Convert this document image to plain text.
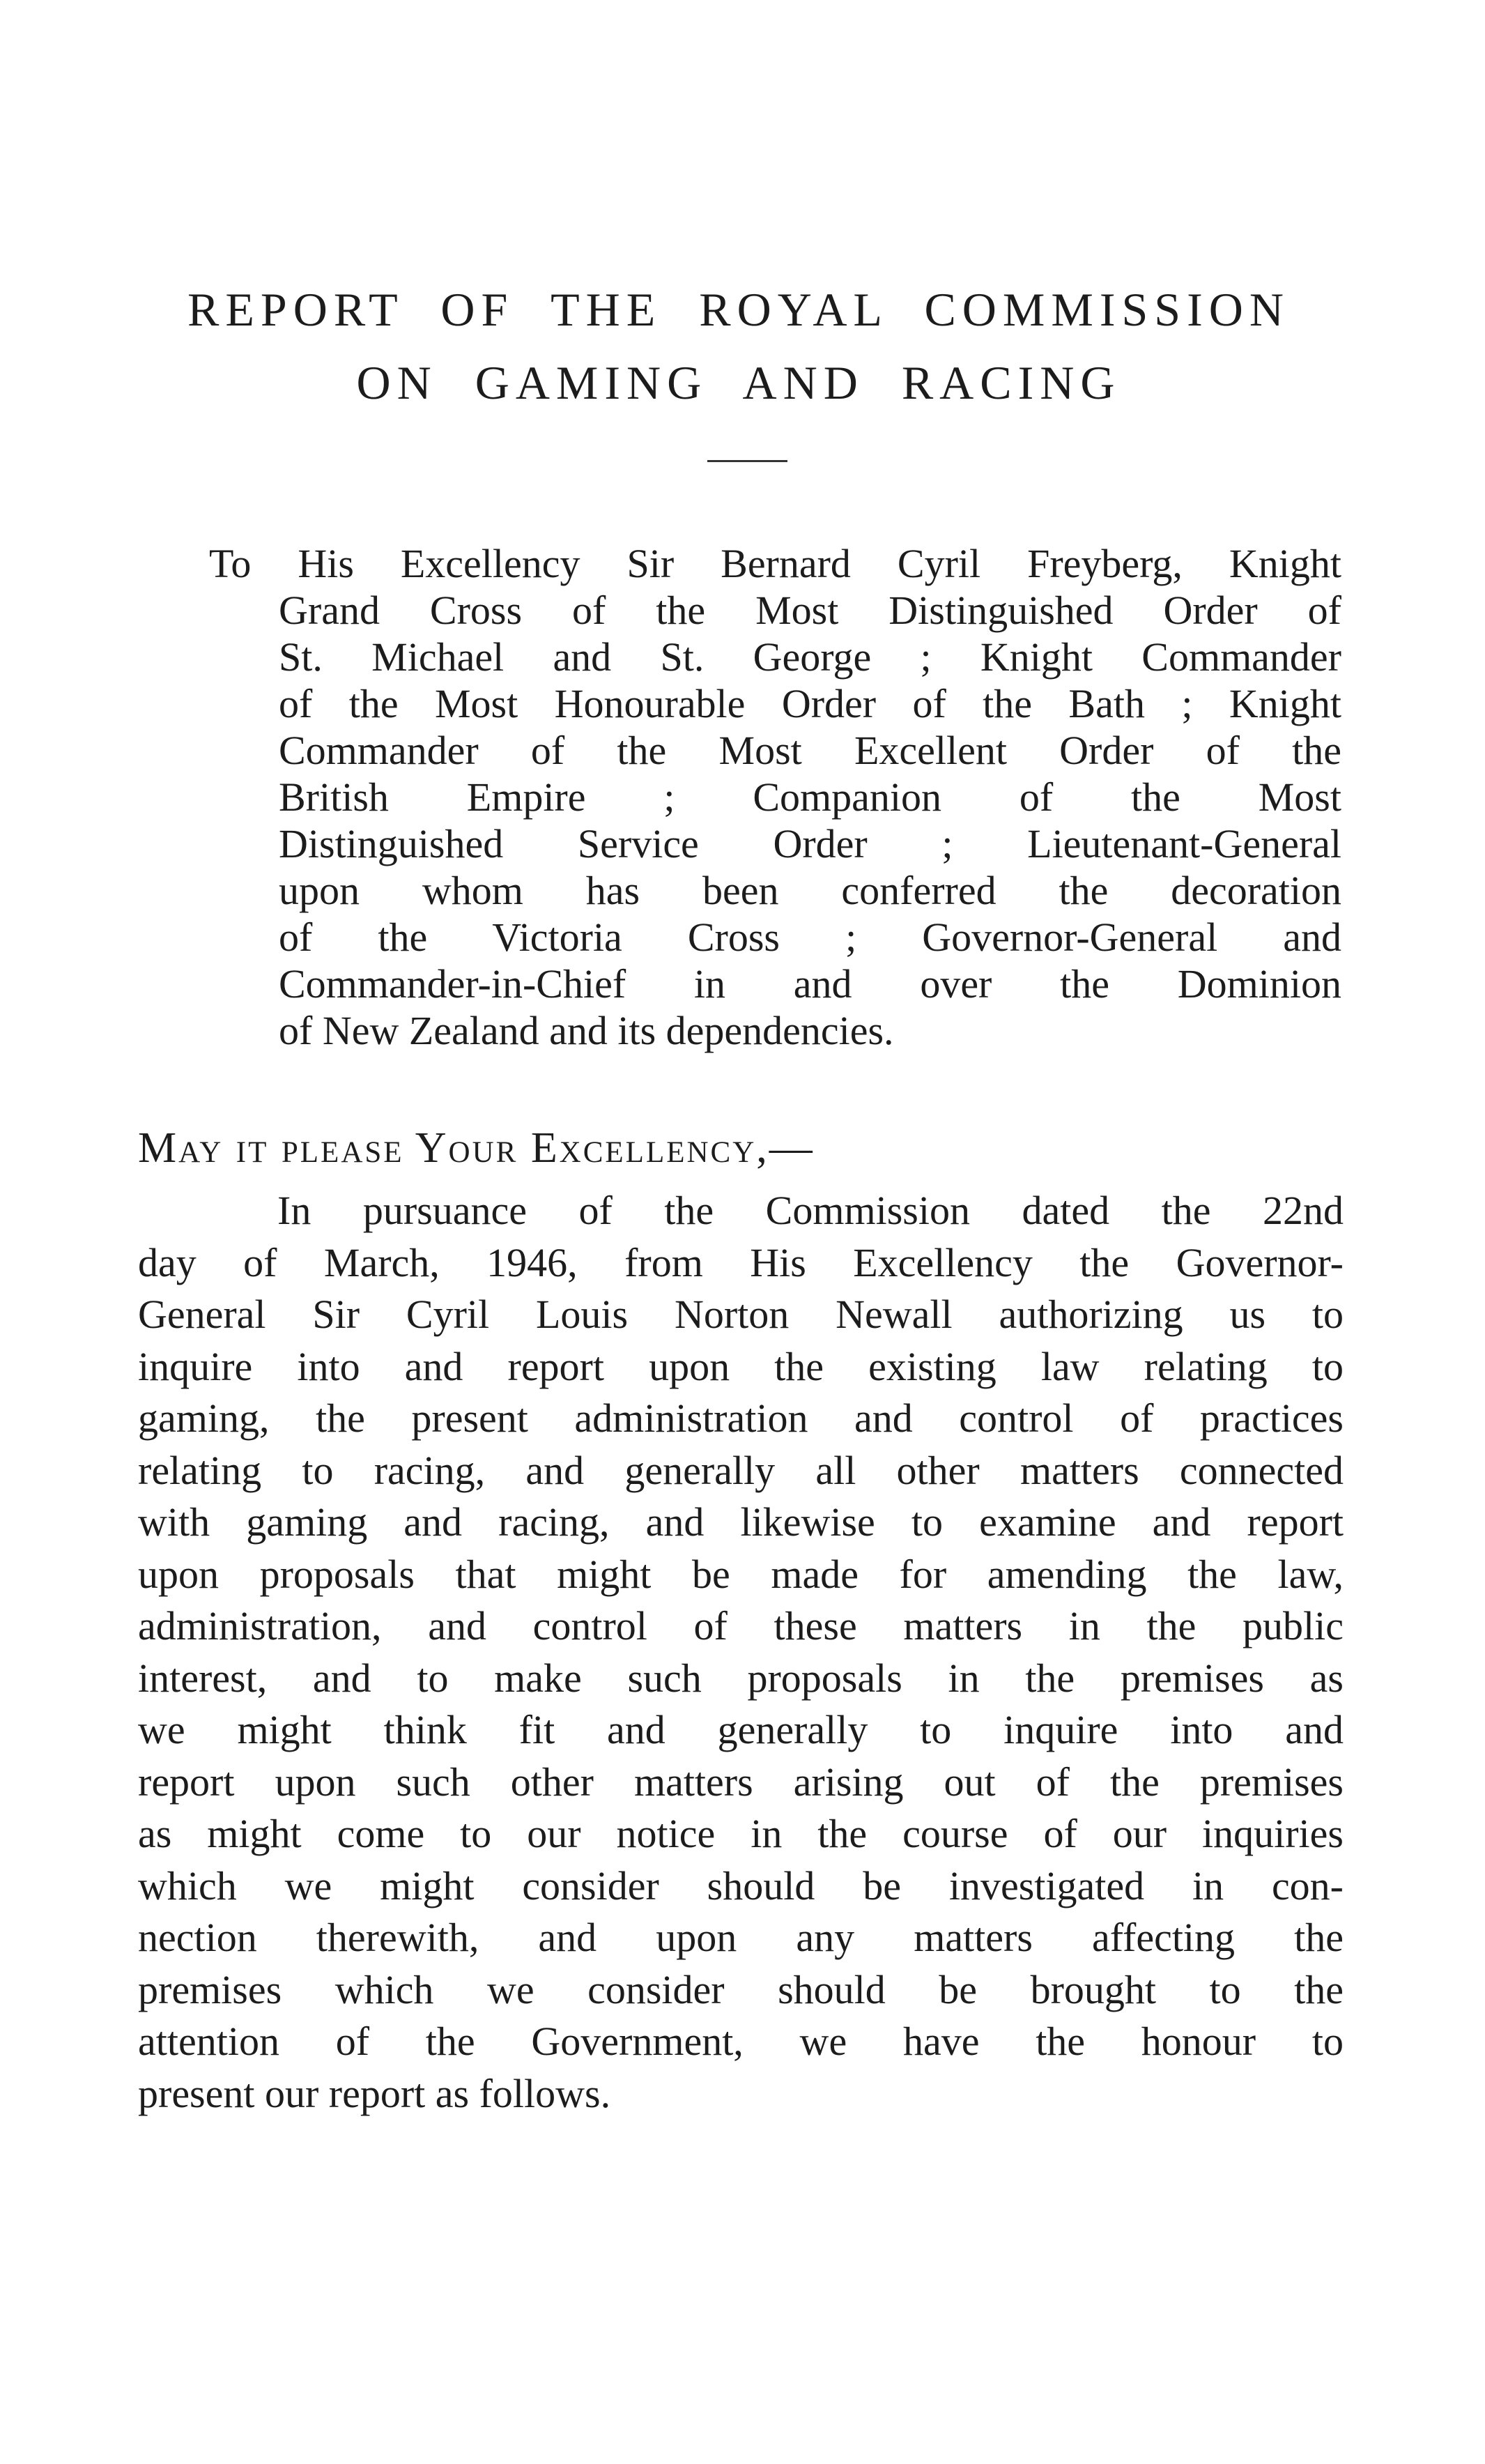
REPORT OF THE ROYAL COMMISSION
ON GAMING AND RACING
To His Excellency Sir Bernard Cyril Freyberg, Knight
Grand Cross of the Most Distinguished Order of
St. Michael and St. George ; Knight Commander
of the Most Honourable Order of the Bath ; Knight
Commander of the Most Excellent Order of the
British Empire ; Companion of the Most
Distinguished Service Order ; Lieutenant-General
upon whom has been conferred the decoration
of the Victoria Cross ; Governor-General and
Commander-in-Chief in and over the Dominion
of New Zealand and its dependencies.

May it please Your Excellency,—

In pursuance of the Commission dated the 22nd
day of March, 1946, from His Excellency the Governor-
General Sir Cyril Louis Norton Newall authorizing us to
inquire into and report upon the existing law relating to
gaming, the present administration and control of practices
relating to racing, and generally all other matters connected
with gaming and racing, and likewise to examine and report
upon proposals that might be made for amending the law,
administration, and control of these matters in the public
interest, and to make such proposals in the premises as
we might think fit and generally to inquire into and
report upon such other matters arising out of the premises
as might come to our notice in the course of our inquiries
which we might consider should be investigated in con-
nection therewith, and upon any matters affecting the
premises which we consider should be brought to the
attention of the Government, we have the honour to
present our report as follows.
